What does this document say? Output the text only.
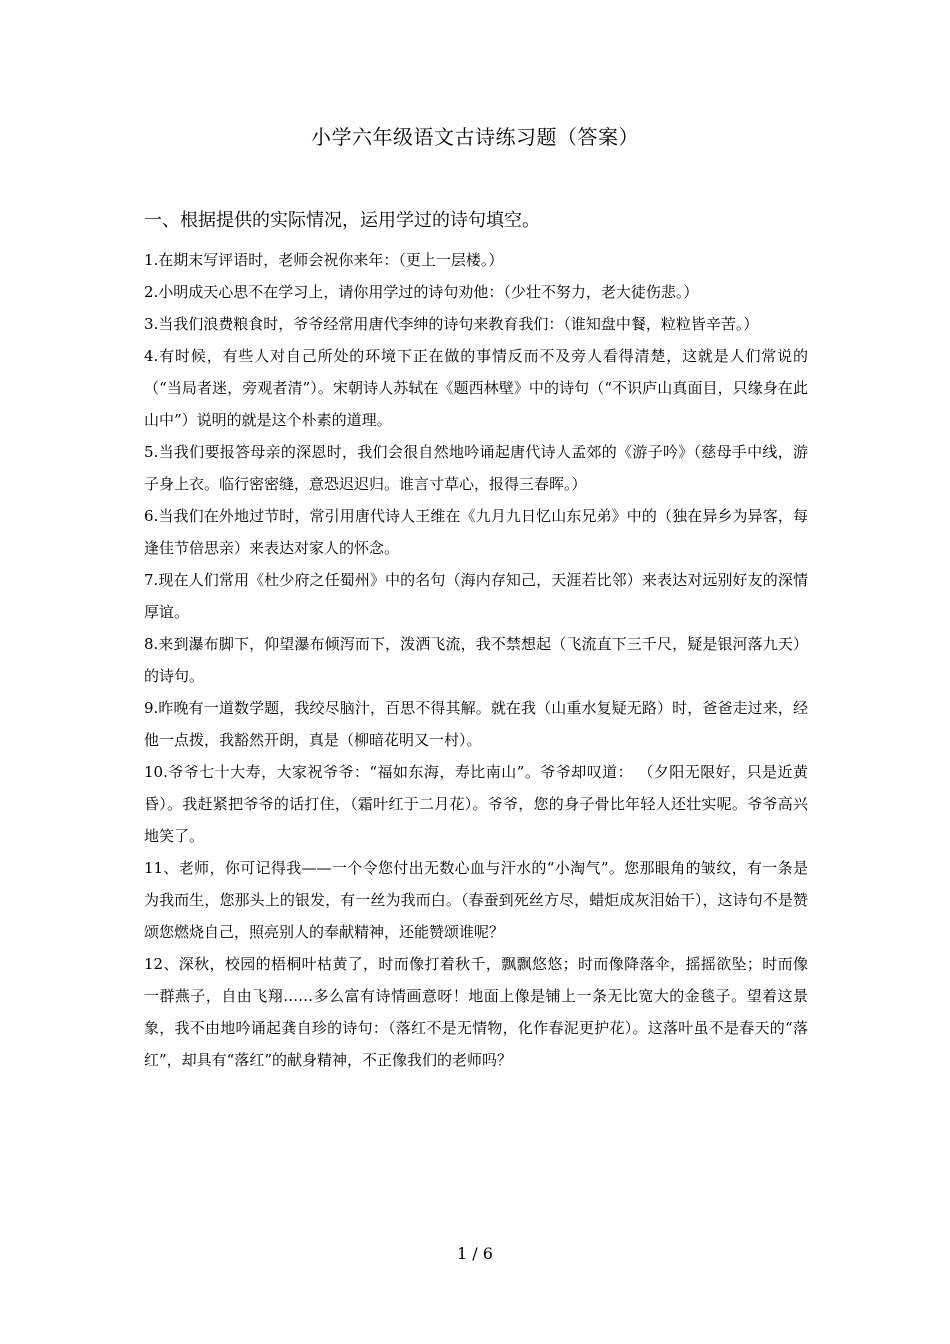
小学六年级语文古诗练习题（答案）
一、根据提供的实际情况，运用学过的诗句填空。

1.在期末写评语时，老师会祝你来年：（更上一层楼。）

2.小明成天心思不在学习上，请你用学过的诗句劝他：（少壮不努力，老大徒伤悲。）

3.当我们浪费粮食时，爷爷经常用唐代李绅的诗句来教育我们：（谁知盘中餐，粒粒皆辛苦。）

4.有时候，有些人对自己所处的环境下正在做的事情反而不及旁人看得清楚，这就是人们常说的（“当局者迷，旁观者清”）。宋朝诗人苏轼在《题西林壁》中的诗句（“不识庐山真面目，只缘身在此山中”）说明的就是这个朴素的道理。

5.当我们要报答母亲的深恩时，我们会很自然地吟诵起唐代诗人孟郊的《游子吟》（慈母手中线，游子身上衣。临行密密缝，意恐迟迟归。谁言寸草心，报得三春晖。）

6.当我们在外地过节时，常引用唐代诗人王维在《九月九日忆山东兄弟》中的（独在异乡为异客，每逢佳节倍思亲）来表达对家人的怀念。

7.现在人们常用《杜少府之任蜀州》中的名句（海内存知己，天涯若比邻）来表达对远别好友的深情厚谊。

8.来到瀑布脚下，仰望瀑布倾泻而下，泼洒飞流，我不禁想起（飞流直下三千尺，疑是银河落九天）的诗句。

9.昨晚有一道数学题，我绞尽脑汁，百思不得其解。就在我（山重水复疑无路）时，爸爸走过来，经他一点拨，我豁然开朗，真是（柳暗花明又一村）。

10.爷爷七十大寿，大家祝爷爷：“福如东海，寿比南山”。爷爷却叹道： （夕阳无限好，只是近黄昏）。我赶紧把爷爷的话打住，（霜叶红于二月花）。爷爷，您的身子骨比年轻人还壮实呢。爷爷高兴地笑了。

11、老师，你可记得我——一个令您付出无数心血与汗水的“小淘气”。您那眼角的皱纹，有一条是为我而生，您那头上的银发，有一丝为我而白。（春蚕到死丝方尽，蜡炬成灰泪始干），这诗句不是赞颂您燃烧自己，照亮别人的奉献精神，还能赞颂谁呢？

12、深秋，校园的梧桐叶枯黄了，时而像打着秋千，飘飘悠悠；时而像降落伞，摇摇欲坠；时而像一群燕子，自由飞翔……多么富有诗情画意呀！地面上像是铺上一条无比宽大的金毯子。望着这景象，我不由地吟诵起龚自珍的诗句：（落红不是无情物，化作春泥更护花）。这落叶虽不是春天的“落红”，却具有“落红”的献身精神，不正像我们的老师吗？

1 / 6
